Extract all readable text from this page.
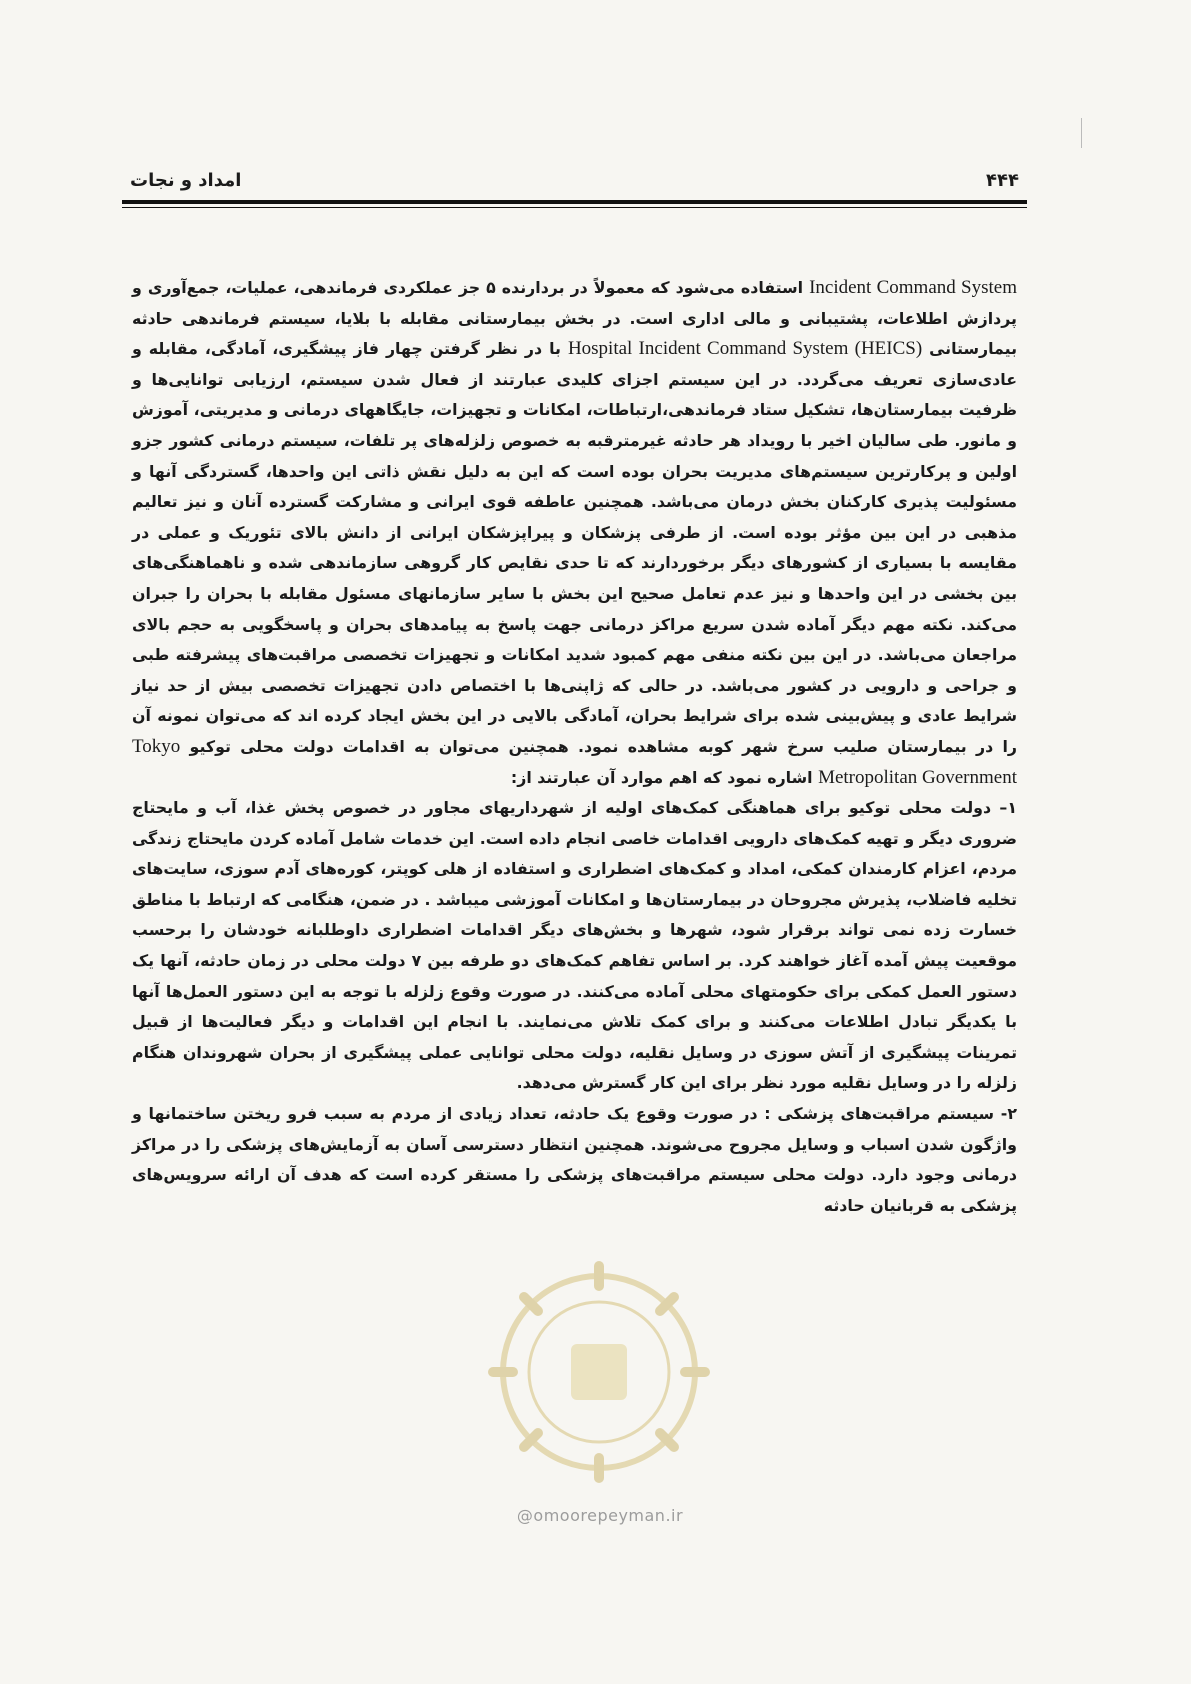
امداد و نجات	۴۴۴

Incident Command System استفاده می‌شود که معمولاً در بردارنده ۵ جز عملکردی فرماندهی، عملیات، جمع‌آوری و پردازش اطلاعات، پشتیبانی و مالی اداری است. در بخش بیمارستانی مقابله با بلایا، سیستم فرماندهی حادثه بیمارستانی Hospital Incident Command System (HEICS) با در نظر گرفتن چهار فاز پیشگیری، آمادگی، مقابله و عادی‌سازی تعریف می‌گردد. در این سیستم اجزای کلیدی عبارتند از فعال شدن سیستم، ارزیابی توانایی‌ها و ظرفیت بیمارستان‌ها، تشکیل ستاد فرماندهی،ارتباطات، امکانات و تجهیزات، جایگاههای درمانی و مدیریتی، آموزش و مانور. طی سالیان اخیر با رویداد هر حادثه غیرمترقبه به خصوص زلزله‌های پر تلفات، سیستم درمانی کشور جزو اولین و پرکارترین سیستم‌های مدیریت بحران بوده است که این به دلیل نقش ذاتی این واحدها، گستردگی آنها و مسئولیت پذیری کارکنان بخش درمان می‌باشد. همچنین عاطفه قوی ایرانی و مشارکت گسترده آنان و نیز تعالیم مذهبی در این بین مؤثر بوده است. از طرفی پزشکان و پیراپزشکان ایرانی از دانش بالای تئوریک و عملی در مقایسه با بسیاری از کشورهای دیگر برخوردارند که تا حدی نقایص کار گروهی سازماندهی شده و ناهماهنگی‌های بین بخشی در این واحدها و نیز عدم تعامل صحیح این بخش با سایر سازمانهای مسئول مقابله با بحران را جبران می‌کند. نکته مهم دیگر آماده شدن سریع مراکز درمانی جهت پاسخ به پیامدهای بحران و پاسخگویی به حجم بالای مراجعان می‌باشد. در این بین نکته منفی مهم کمبود شدید امکانات و تجهیزات تخصصی مراقبت‌های پیشرفته طبی و جراحی و دارویی در کشور می‌باشد. در حالی که ژاپنی‌ها با اختصاص دادن تجهیزات تخصصی بیش از حد نیاز شرایط عادی و پیش‌بینی شده برای شرایط بحران، آمادگی بالایی در این بخش ایجاد کرده اند که می‌توان نمونه آن را در بیمارستان صلیب سرخ شهر کوبه مشاهده نمود. همچنین می‌توان به اقدامات دولت محلی توکیو Tokyo Metropolitan Government اشاره نمود که اهم موارد آن عبارتند از:

۱– دولت محلی توکیو برای هماهنگی کمک‌های اولیه از شهرداریهای مجاور در خصوص پخش غذا، آب و مایحتاج ضروری دیگر و تهیه کمک‌های دارویی اقدامات خاصی انجام داده است. این خدمات شامل آماده کردن مایحتاج زندگی مردم، اعزام کارمندان کمکی، امداد و کمک‌های اضطراری و استفاده از هلی کوپتر، کوره‌های آدم سوزی، سایت‌های تخلیه فاضلاب، پذیرش مجروحان در بیمارستان‌ها و امکانات آموزشی میباشد . در ضمن، هنگامی که ارتباط با مناطق خسارت زده نمی تواند برقرار شود، شهرها و بخش‌های دیگر اقدامات اضطراری داوطلبانه خودشان را برحسب موقعیت پیش آمده آغاز خواهند کرد. بر اساس تفاهم کمک‌های دو طرفه بین ۷ دولت محلی در زمان حادثه، آنها یک دستور العمل کمکی برای حکومتهای محلی آماده می‌کنند. در صورت وقوع زلزله با توجه به این دستور العمل‌ها آنها با یکدیگر تبادل اطلاعات می‌کنند و برای کمک تلاش می‌نمایند. با انجام این اقدامات و دیگر فعالیت‌ها از قبیل تمرینات پیشگیری از آتش سوزی در وسایل نقلیه، دولت محلی توانایی عملی پیشگیری از بحران شهروندان هنگام زلزله را در وسایل نقلیه مورد نظر برای این کار گسترش می‌دهد.

۲- سیستم مراقبت‌های پزشکی : در صورت وقوع یک حادثه، تعداد زیادی از مردم به سبب فرو ریختن ساختمانها و واژگون شدن اسباب و وسایل مجروح می‌شوند. همچنین انتظار دسترسی آسان به آزمایش‌های پزشکی را در مراکز درمانی وجود دارد. دولت محلی سیستم مراقبت‌های پزشکی را مستقر کرده است که هدف آن ارائه سرویس‌های پزشکی به قربانیان حادثه

@omoorepeyman.ir
